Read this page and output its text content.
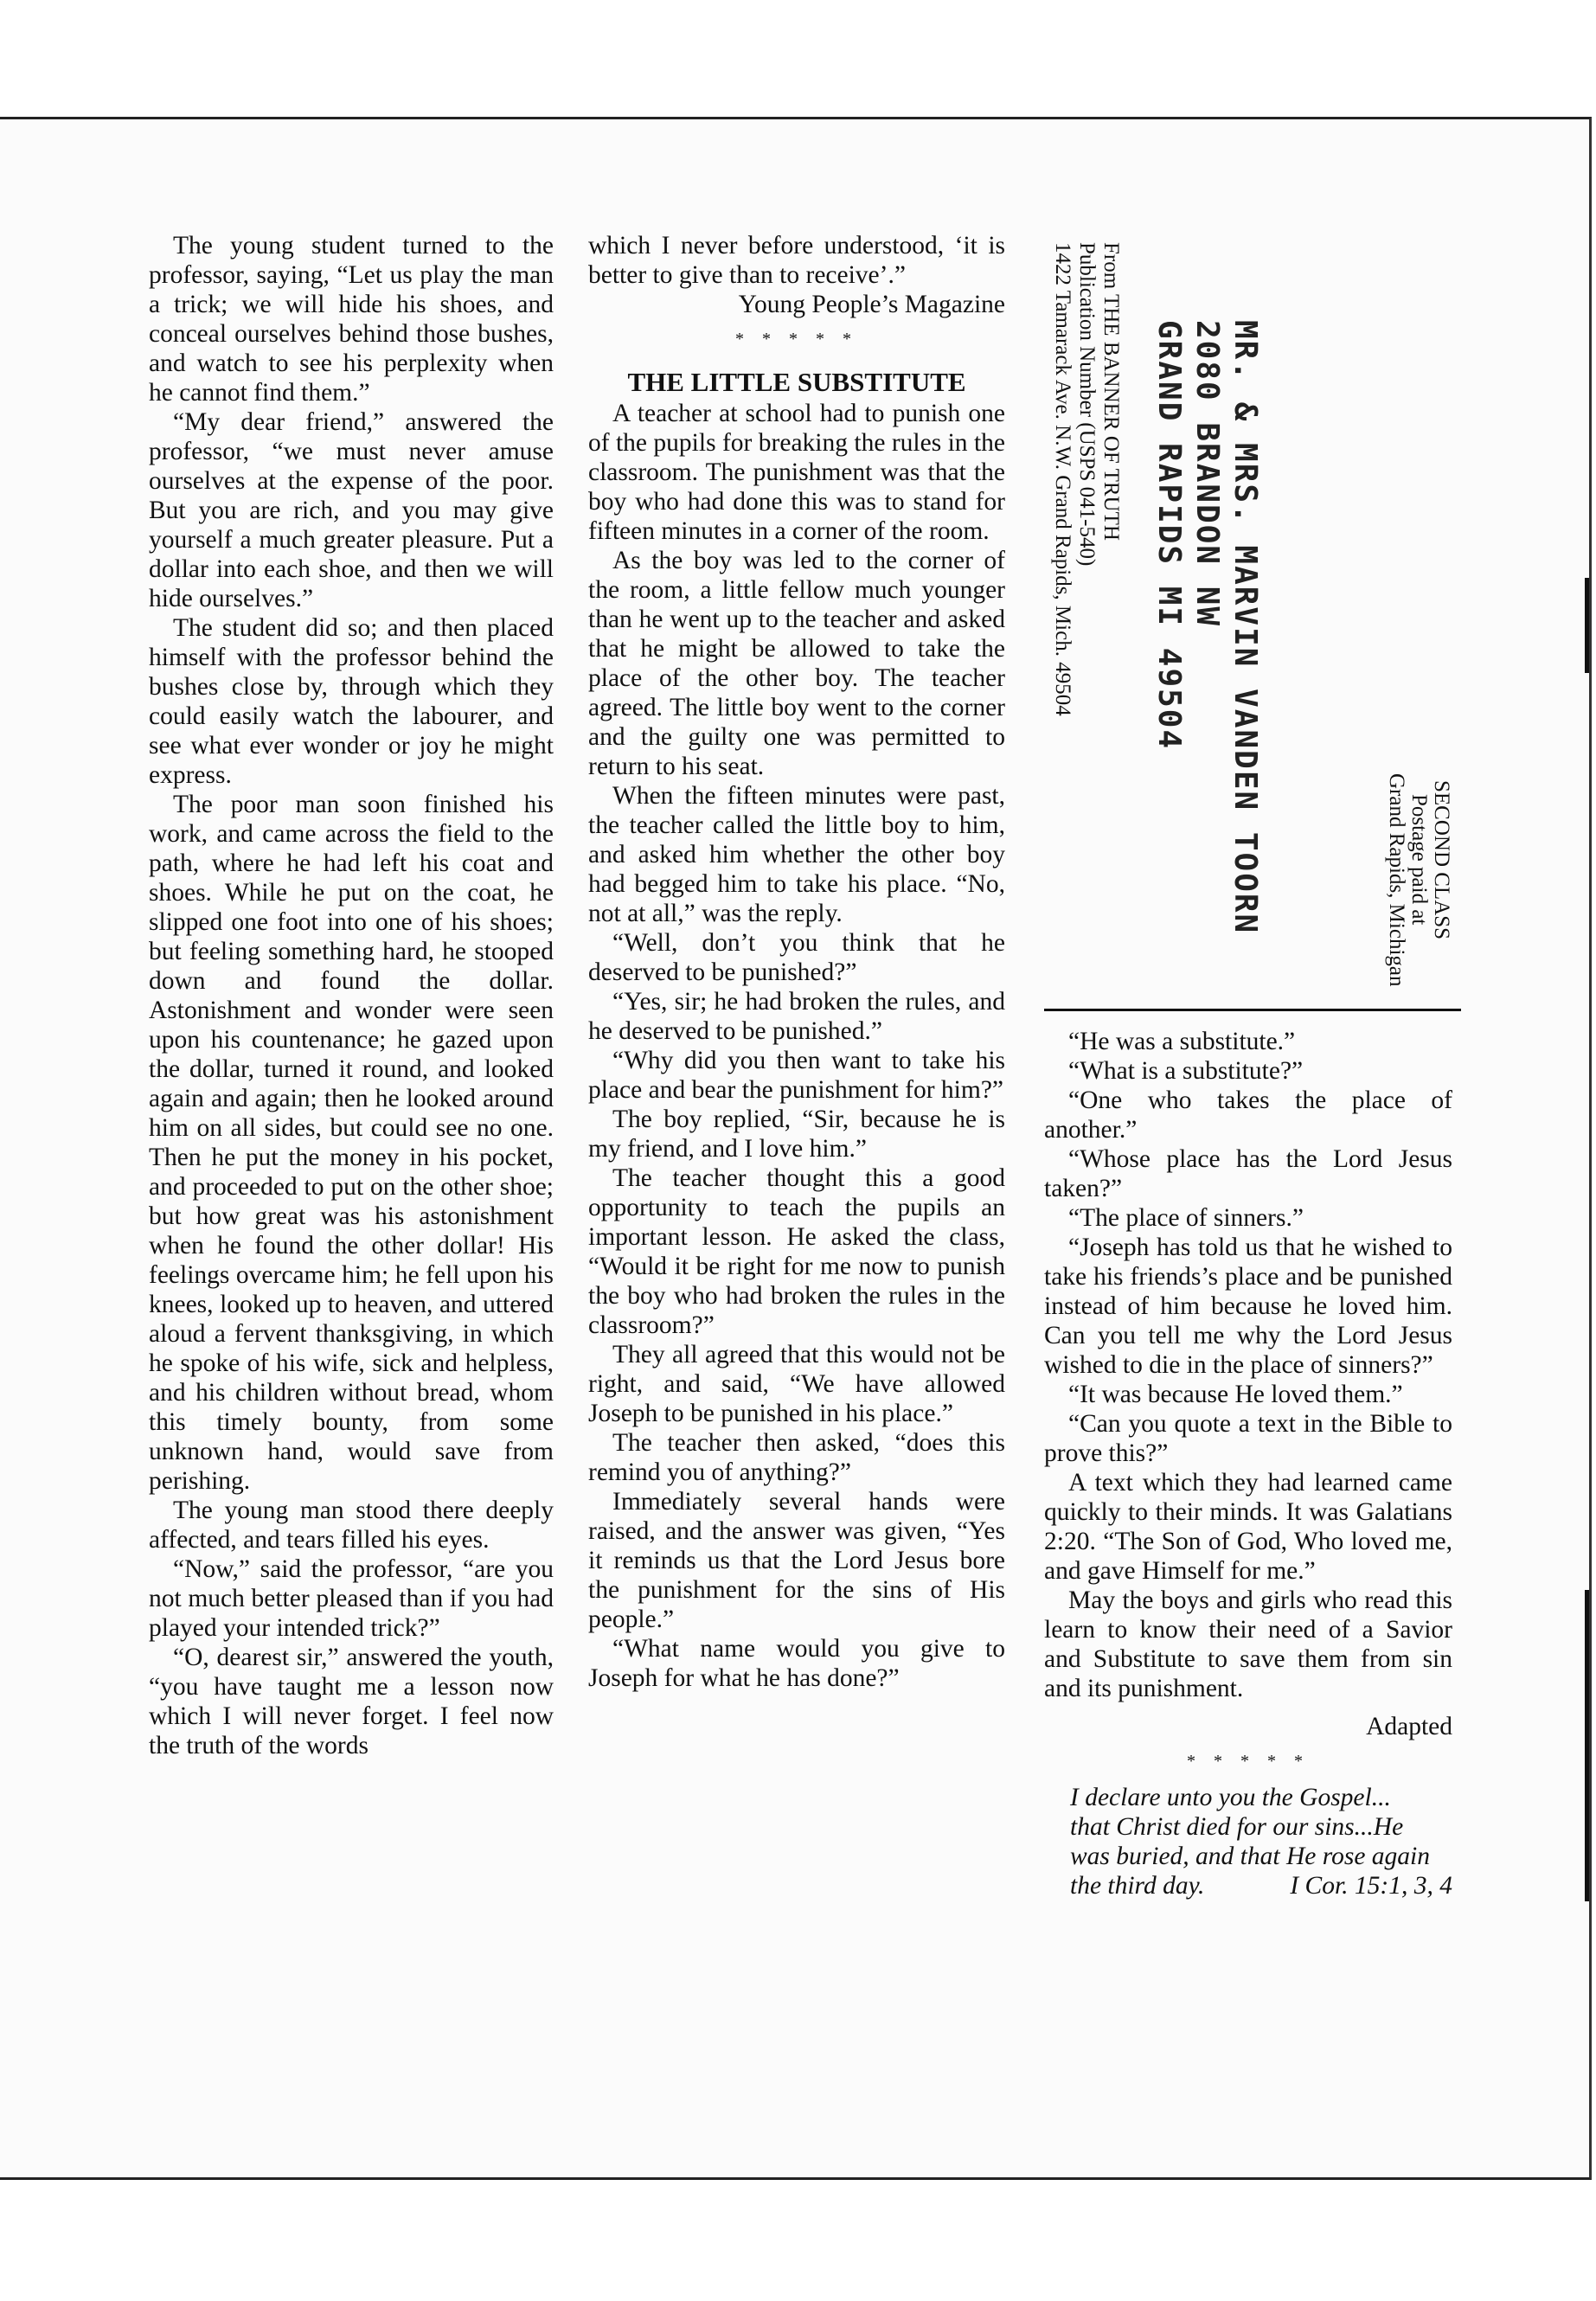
The young student turned to the professor, saying, “Let us play the man a trick; we will hide his shoes, and conceal ourselves behind those bushes, and watch to see his perplexity when he cannot find them.”

“My dear friend,” answered the professor, “we must never amuse ourselves at the expense of the poor. But you are rich, and you may give yourself a much greater pleasure. Put a dollar into each shoe, and then we will hide ourselves.”

The student did so; and then placed himself with the professor behind the bushes close by, through which they could easily watch the labourer, and see what ever wonder or joy he might express.

The poor man soon finished his work, and came across the field to the path, where he had left his coat and shoes. While he put on the coat, he slipped one foot into one of his shoes; but feeling something hard, he stooped down and found the dollar. Astonishment and wonder were seen upon his countenance; he gazed upon the dollar, turned it round, and looked again and again; then he looked around him on all sides, but could see no one. Then he put the money in his pocket, and proceeded to put on the other shoe; but how great was his astonishment when he found the other dollar! His feelings overcame him; he fell upon his knees, looked up to heaven, and uttered aloud a fervent thanksgiving, in which he spoke of his wife, sick and helpless, and his children without bread, whom this timely bounty, from some unknown hand, would save from perishing.

The young man stood there deeply affected, and tears filled his eyes.

“Now,” said the professor, “are you not much better pleased than if you had played your intended trick?”

“O, dearest sir,” answered the youth, “you have taught me a lesson now which I will never forget. I feel now the truth of the words

which I never before understood, ‘it is better to give than to receive’.”

Young People’s Magazine

* * * * *

THE LITTLE SUBSTITUTE

A teacher at school had to punish one of the pupils for breaking the rules in the classroom. The punishment was that the boy who had done this was to stand for fifteen minutes in a corner of the room.

As the boy was led to the corner of the room, a little fellow much younger than he went up to the teacher and asked that he might be allowed to take the place of the other boy. The teacher agreed. The little boy went to the corner and the guilty one was permitted to return to his seat.

When the fifteen minutes were past, the teacher called the little boy to him, and asked him whether the other boy had begged him to take his place. “No, not at all,” was the reply.

“Well, don’t you think that he deserved to be punished?”

“Yes, sir; he had broken the rules, and he deserved to be punished.”

“Why did you then want to take his place and bear the punishment for him?”

The boy replied, “Sir, because he is my friend, and I love him.”

The teacher thought this a good opportunity to teach the pupils an important lesson. He asked the class, “Would it be right for me now to punish the boy who had broken the rules in the classroom?”

They all agreed that this would not be right, and said, “We have allowed Joseph to be punished in his place.”

The teacher then asked, “does this remind you of anything?”

Immediately several hands were raised, and the answer was given, “Yes it reminds us that the Lord Jesus bore the punishment for the sins of His people.”

“What name would you give to Joseph for what he has done?”

From THE BANNER OF TRUTH
Publication Number (USPS 041-540)
1422 Tamarack Ave. N.W. Grand Rapids, Mich. 49504	MR. & MRS. MARVIN VANDEN TOORN
2080 BRANDON NW
GRAND RAPIDS MI 49504
SECOND CLASS
Postage paid at
Grand Rapids, Michigan

“He was a substitute.”

“What is a substitute?”

“One who takes the place of another.”

“Whose place has the Lord Jesus taken?”

“The place of sinners.”

“Joseph has told us that he wished to take his friends’s place and be punished instead of him because he loved him. Can you tell me why the Lord Jesus wished to die in the place of sinners?”

“It was because He loved them.”

“Can you quote a text in the Bible to prove this?”

A text which they had learned came quickly to their minds. It was Galatians 2:20. “The Son of God, Who loved me, and gave Himself for me.”

May the boys and girls who read this learn to know their need of a Savior and Substitute to save them from sin and its punishment.

Adapted

* * * * *

I declare unto you the Gospel...
that Christ died for our sins...He
was buried, and that He rose again
the third day.	I Cor. 15:1, 3, 4
